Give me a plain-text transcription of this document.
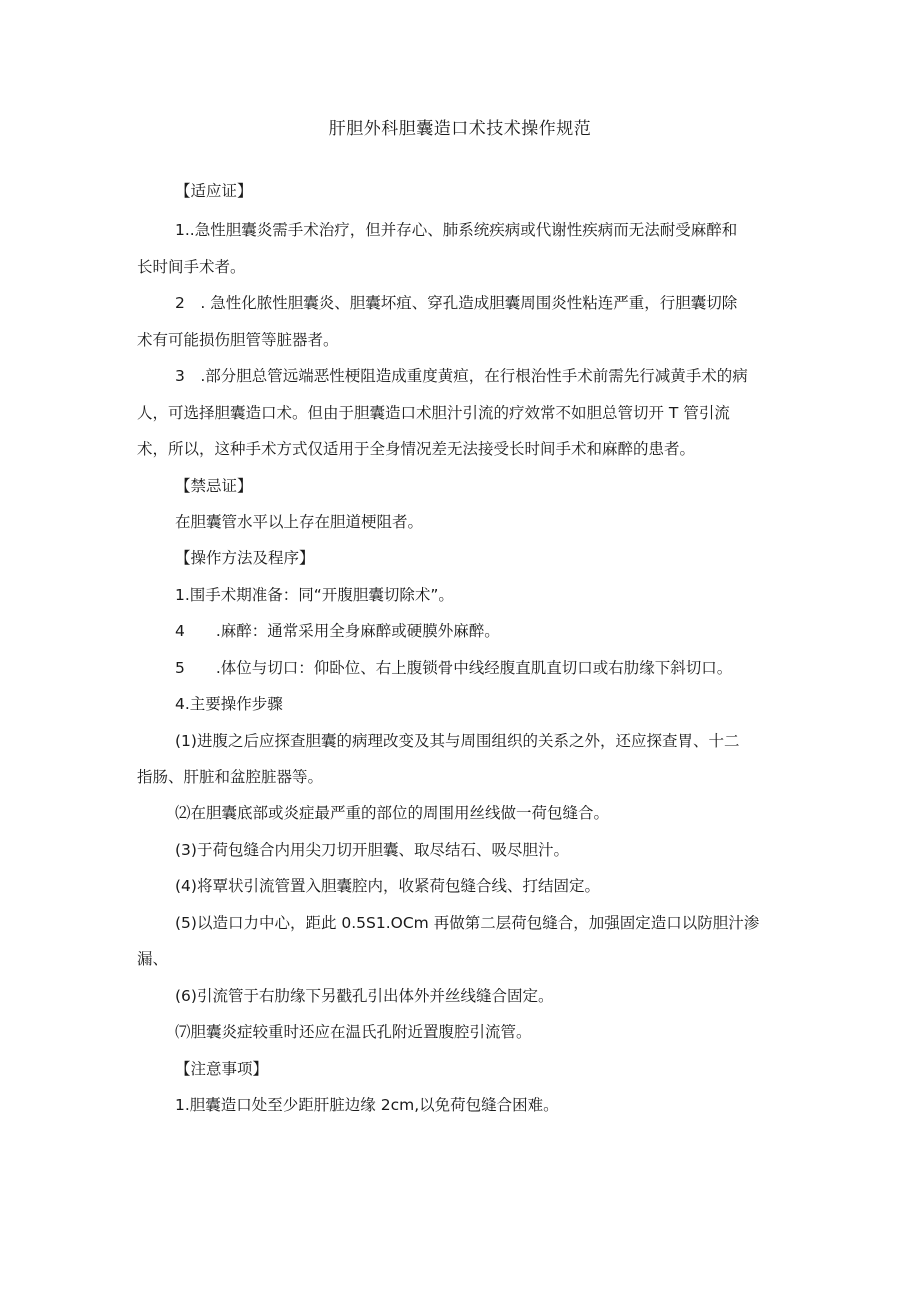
肝胆外科胆囊造口术技术操作规范
【适应证】
1..急性胆囊炎需手术治疗，但并存心、肺系统疾病或代谢性疾病而无法耐受麻醉和
长时间手术者。
2　. 急性化脓性胆囊炎、胆囊坏疽、穿孔造成胆囊周围炎性粘连严重，行胆囊切除
术有可能损伤胆管等脏器者。
3　.部分胆总管远端恶性梗阻造成重度黄疸，在行根治性手术前需先行减黄手术的病
人，可选择胆囊造口术。但由于胆囊造口术胆汁引流的疗效常不如胆总管切开 T 管引流
术，所以，这种手术方式仅适用于全身情况差无法接受长时间手术和麻醉的患者。
【禁忌证】
在胆囊管水平以上存在胆道梗阻者。
【操作方法及程序】
1.围手术期准备：同“开腹胆囊切除术”。
4　　.麻醉：通常采用全身麻醉或硬膜外麻醉。
5　　.体位与切口：仰卧位、右上腹锁骨中线经腹直肌直切口或右肋缘下斜切口。
4.主要操作步骤
(1)进腹之后应探查胆囊的病理改变及其与周围组织的关系之外，还应探查胃、十二
指肠、肝脏和盆腔脏器等。
⑵在胆囊底部或炎症最严重的部位的周围用丝线做一荷包缝合。
(3)于荷包缝合内用尖刀切开胆囊、取尽结石、吸尽胆汁。
(4)将覃状引流管置入胆囊腔内，收紧荷包缝合线、打结固定。
(5)以造口力中心，距此 0.5S1.OCm 再做第二层荷包缝合，加强固定造口以防胆汁渗
漏、
(6)引流管于右肋缘下另戳孔引出体外并丝线缝合固定。
⑺胆囊炎症较重时还应在温氏孔附近置腹腔引流管。
【注意事项】
1.胆囊造口处至少距肝脏边缘 2cm,以免荷包缝合困难。
